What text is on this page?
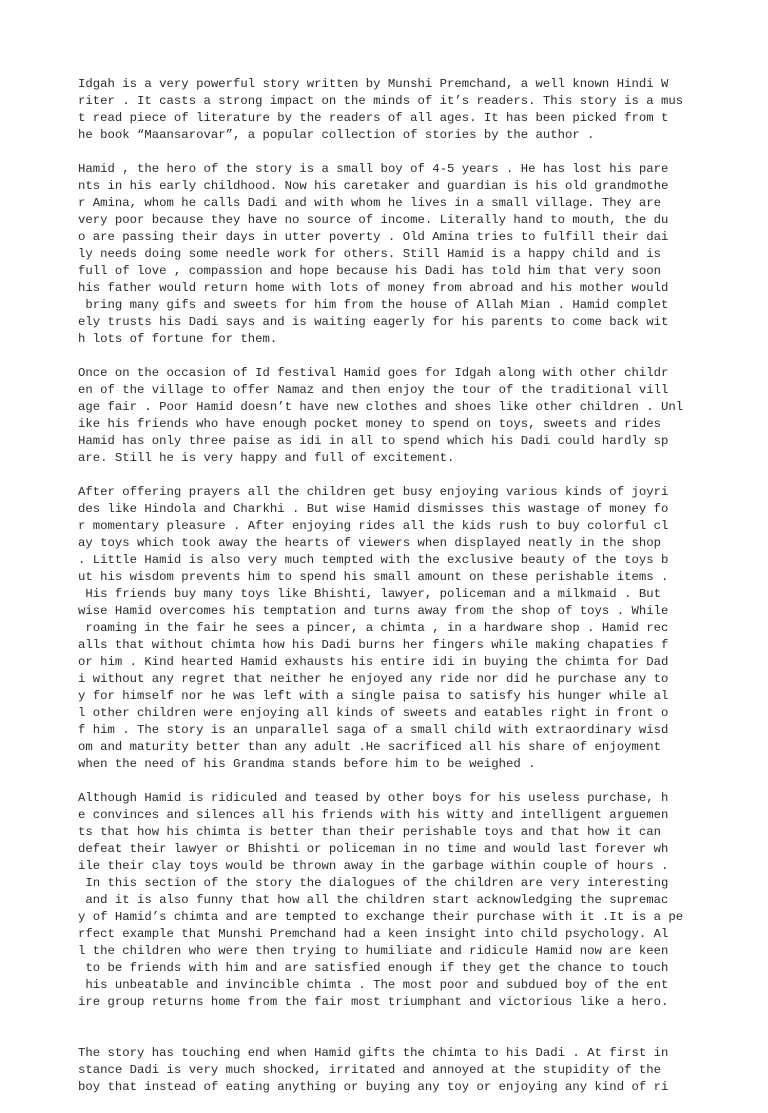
Idgah is a very powerful story written by Munshi Premchand, a well known Hindi W
riter . It casts a strong impact on the minds of it’s readers. This story is a mus
t read piece of literature by the readers of all ages. It has been picked from t
he book “Maansarovar”, a popular collection of stories by the author .
Hamid , the hero of the story is a small boy of 4-5 years . He has lost his pare
nts in his early childhood. Now his caretaker and guardian is his old grandmothe
r Amina, whom he calls Dadi and with whom he lives in a small village. They are
very poor because they have no source of income. Literally hand to mouth, the du
o are passing their days in utter poverty . Old Amina tries to fulfill their dai
ly needs doing some needle work for others. Still Hamid is a happy child and is
full of love , compassion and hope because his Dadi has told him that very soon
his father would return home with lots of money from abroad and his mother would
bring many gifs and sweets for him from the house of Allah Mian . Hamid complet
ely trusts his Dadi says and is waiting eagerly for his parents to come back wit
h lots of fortune for them.
Once on the occasion of Id festival Hamid goes for Idgah along with other childr
en of the village to offer Namaz and then enjoy the tour of the traditional vill
age fair . Poor Hamid doesn’t have new clothes and shoes like other children . Unl
ike his friends who have enough pocket money to spend on toys, sweets and rides
Hamid has only three paise as idi in all to spend which his Dadi could hardly sp
are. Still he is very happy and full of excitement.
After offering prayers all the children get busy enjoying various kinds of joyri
des like Hindola and Charkhi . But wise Hamid dismisses this wastage of money fo
r momentary pleasure . After enjoying rides all the kids rush to buy colorful cl
ay toys which took away the hearts of viewers when displayed neatly in the shop
. Little Hamid is also very much tempted with the exclusive beauty of the toys b
ut his wisdom prevents him to spend his small amount on these perishable items .
His friends buy many toys like Bhishti, lawyer, policeman and a milkmaid . But
wise Hamid overcomes his temptation and turns away from the shop of toys . While
roaming in the fair he sees a pincer, a chimta , in a hardware shop . Hamid rec
alls that without chimta how his Dadi burns her fingers while making chapaties f
or him . Kind hearted Hamid exhausts his entire idi in buying the chimta for Dad
i without any regret that neither he enjoyed any ride nor did he purchase any to
y for himself nor he was left with a single paisa to satisfy his hunger while al
l other children were enjoying all kinds of sweets and eatables right in front o
f him . The story is an unparallel saga of a small child with extraordinary wisd
om and maturity better than any adult .He sacrificed all his share of enjoyment
when the need of his Grandma stands before him to be weighed .
Although Hamid is ridiculed and teased by other boys for his useless purchase, h
e convinces and silences all his friends with his witty and intelligent arguemen
ts that how his chimta is better than their perishable toys and that how it can
defeat their lawyer or Bhishti or policeman in no time and would last forever wh
ile their clay toys would be thrown away in the garbage within couple of hours .
In this section of the story the dialogues of the children are very interesting
and it is also funny that how all the children start acknowledging the supremac
y of Hamid’s chimta and are tempted to exchange their purchase with it .It is a pe
rfect example that Munshi Premchand had a keen insight into child psychology. Al
l the children who were then trying to humiliate and ridicule Hamid now are keen
to be friends with him and are satisfied enough if they get the chance to touch
his unbeatable and invincible chimta . The most poor and subdued boy of the ent
ire group returns home from the fair most triumphant and victorious like a hero.
The story has touching end when Hamid gifts the chimta to his Dadi . At first in
stance Dadi is very much shocked, irritated and annoyed at the stupidity of the
boy that instead of eating anything or buying any toy or enjoying any kind of ri
